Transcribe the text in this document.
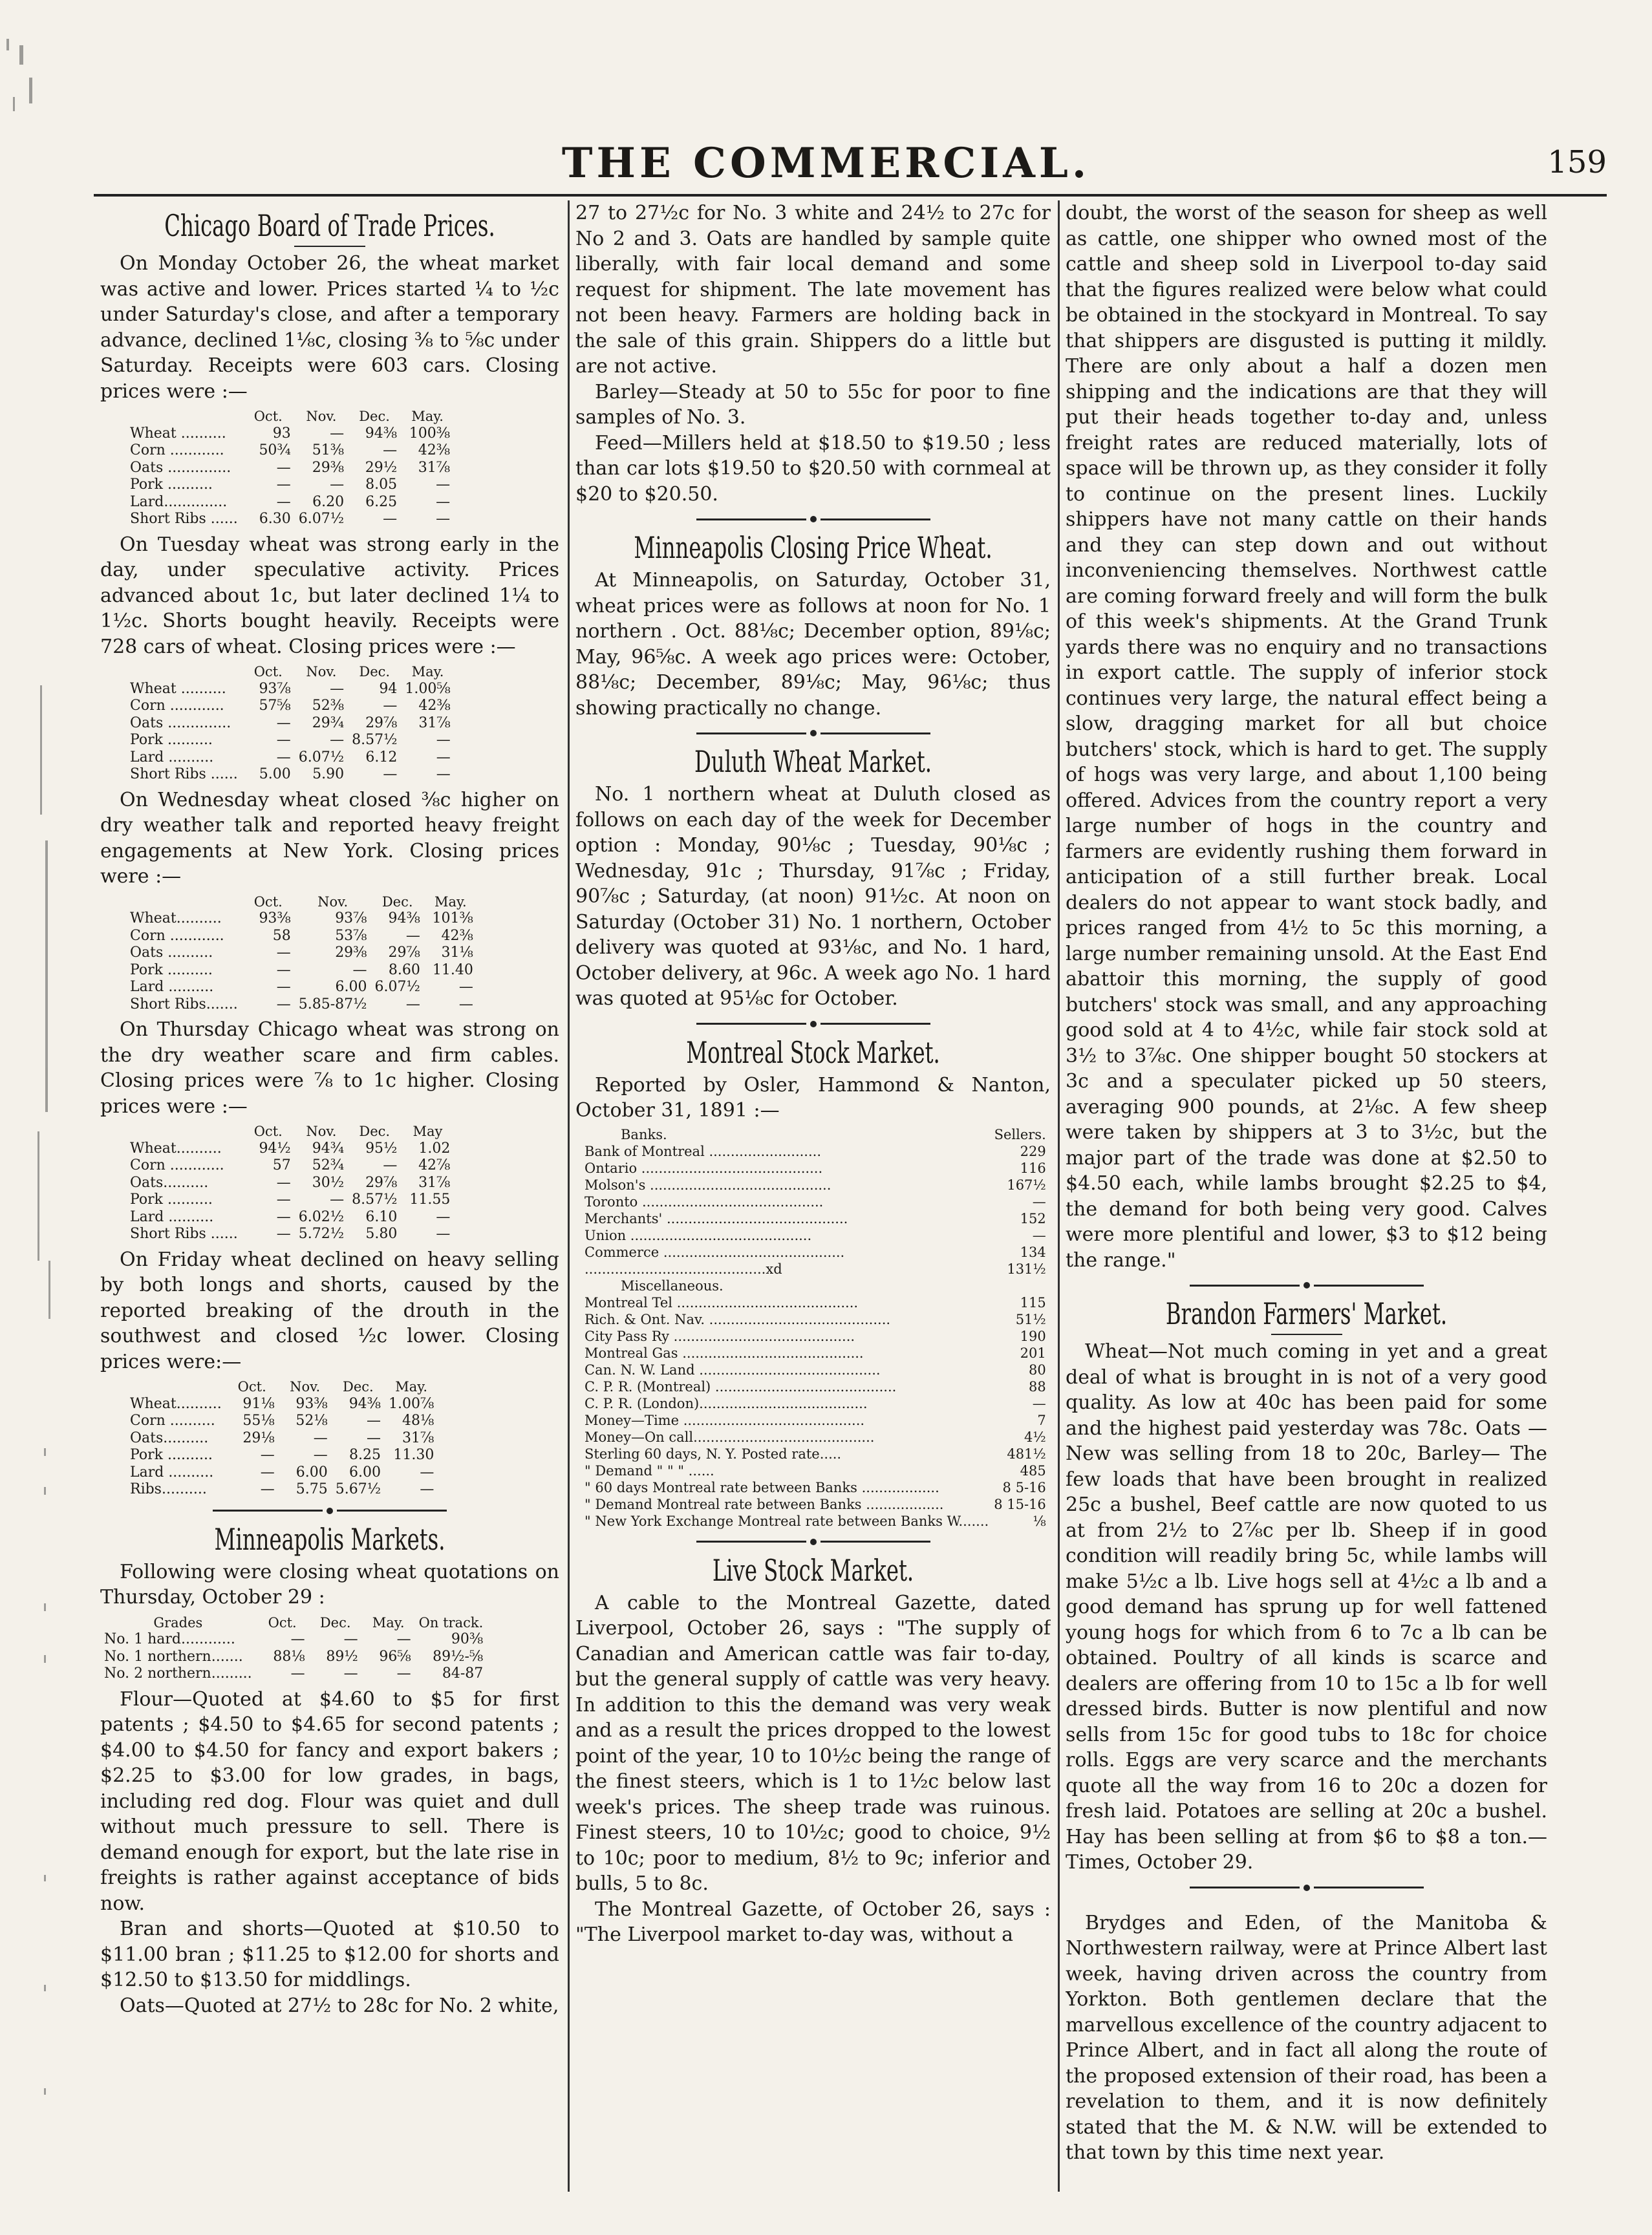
THE COMMERCIAL.	159
Chicago Board of Trade Prices.

On Monday October 26, the wheat market was active and lower. Prices started ¼ to ½c under Saturday's close, and after a temporary advance, declined 1⅛c, closing ⅜ to ⅝c under Saturday. Receipts were 603 cars. Closing prices were :—

	Oct.	Nov.	Dec.	May.
Wheat ..........	93	—	94⅜	100⅜
Corn ............	50¾	51⅜	—	42⅜
Oats ..............	—	29⅜	29½	31⅞
Pork ..........	—	—	8.05	—
Lard..............	—	6.20	6.25	—
Short Ribs ......	6.30	6.07½	—	—

On Tuesday wheat was strong early in the day, under speculative activity. Prices advanced about 1c, but later declined 1¼ to 1½c. Shorts bought heavily. Receipts were 728 cars of wheat. Closing prices were :—

	Oct.	Nov.	Dec.	May.
Wheat ..........	93⅞	—	94	1.00⅝
Corn ............	57⅝	52⅜	—	42⅜
Oats ..............	—	29¾	29⅞	31⅞
Pork ..........	—	—	8.57½	—
Lard ..........	—	6.07½	6.12	—
Short Ribs ......	5.00	5.90	—	—

On Wednesday wheat closed ⅜c higher on dry weather talk and reported heavy freight engagements at New York. Closing prices were :—

	Oct.	Nov.	Dec.	May.
Wheat..........	93⅜	93⅞	94⅜	101⅜
Corn ............	58	53⅞	—	42⅜
Oats ..........	—	29⅜	29⅞	31⅛
Pork ..........	—	—	8.60	11.40
Lard ..........	—	6.00	6.07½	—
Short Ribs.......	—	5.85-87½	—	—

On Thursday Chicago wheat was strong on the dry weather scare and firm cables. Closing prices were ⅞ to 1c higher. Closing prices were :—

	Oct.	Nov.	Dec.	May
Wheat..........	94½	94¾	95½	1.02
Corn ............	57	52¾	—	42⅞
Oats..........	—	30½	29⅞	31⅞
Pork ..........	—	—	8.57½	11.55
Lard ..........	—	6.02½	6.10	—
Short Ribs ......	—	5.72½	5.80	—

On Friday wheat declined on heavy selling by both longs and shorts, caused by the reported breaking of the drouth in the southwest and closed ½c lower. Closing prices were:—

	Oct.	Nov.	Dec.	May.
Wheat..........	91⅛	93⅜	94⅜	1.00⅞
Corn ..........	55⅛	52⅛	—	48⅛
Oats..........	29⅛	—	—	31⅞
Pork ..........	—	—	8.25	11.30
Lard ..........	—	6.00	6.00	—
Ribs..........	—	5.75	5.67½	—
Minneapolis Markets.

Following were closing wheat quotations on Thursday, October 29 :

Grades	Oct.	Dec.	May.	On track.
No. 1 hard............	—	—	—	90⅜
No. 1 northern.......	88⅛	89½	96⅝	89½-⅝
No. 2 northern.........	—	—	—	84-87

Flour—Quoted at $4.60 to $5 for first patents ; $4.50 to $4.65 for second patents ; $4.00 to $4.50 for fancy and export bakers ; $2.25 to $3.00 for low grades, in bags, including red dog. Flour was quiet and dull without much pressure to sell. There is demand enough for export, but the late rise in freights is rather against acceptance of bids now.

Bran and shorts—Quoted at $10.50 to $11.00 bran ; $11.25 to $12.00 for shorts and $12.50 to $13.50 for middlings.

Oats—Quoted at 27½ to 28c for No. 2 white,

27 to 27½c for No. 3 white and 24½ to 27c for No 2 and 3. Oats are handled by sample quite liberally, with fair local demand and some request for shipment. The late movement has not been heavy. Farmers are holding back in the sale of this grain. Shippers do a little but are not active.

Barley—Steady at 50 to 55c for poor to fine samples of No. 3.

Feed—Millers held at $18.50 to $19.50 ; less than car lots $19.50 to $20.50 with cornmeal at $20 to $20.50.

Minneapolis Closing Price Wheat.

At Minneapolis, on Saturday, October 31, wheat prices were as follows at noon for No. 1 northern . Oct. 88⅛c; December option, 89⅛c; May, 96⅝c. A week ago prices were: October, 88⅛c; December, 89⅛c; May, 96⅛c; thus showing practically no change.

Duluth Wheat Market.

No. 1 northern wheat at Duluth closed as follows on each day of the week for December option : Monday, 90⅛c ; Tuesday, 90⅛c ; Wednesday, 91c ; Thursday, 91⅞c ; Friday, 90⅞c ; Saturday, (at noon) 91½c. At noon on Saturday (October 31) No. 1 northern, October delivery was quoted at 93⅛c, and No. 1 hard, October delivery, at 96c. A week ago No. 1 hard was quoted at 95⅛c for October.

Montreal Stock Market.

Reported by Osler, Hammond & Nanton, October 31, 1891 :—

Banks.	Sellers.	
Bank of Montreal ..........................	229	
Ontario ..........................................	116	
Molson's ..........................................	167½	
Toronto ..........................................	—	
Merchants' ..........................................	152	
Union ..........................................	—	
Commerce ..........................................	134	
..........................................xd	131½	
Miscellaneous.		
Montreal Tel ..........................................	115	
Rich. & Ont. Nav. ..........................................	51½	
City Pass Ry ..........................................	190	
Montreal Gas ..........................................	201	
Can. N. W. Land ..........................................	80	
C. P. R. (Montreal) ..........................................	88	
C. P. R. (London).......................................	—	
Money—Time ..........................................	7	
Money—On call..........................................	4½	
Sterling 60 days, N. Y. Posted rate.....	481½	
" Demand " " " ......	485	
" 60 days Montreal rate between Banks ..................	8 5-16	
" Demand Montreal rate between Banks ..................	8 15-16	
" New York Exchange Montreal rate between Banks W.......	⅛	
Live Stock Market.

A cable to the Montreal Gazette, dated Liverpool, October 26, says : "The supply of Canadian and American cattle was fair to-day, but the general supply of cattle was very heavy. In addition to this the demand was very weak and as a result the prices dropped to the lowest point of the year, 10 to 10½c being the range of the finest steers, which is 1 to 1½c below last week's prices. The sheep trade was ruinous. Finest steers, 10 to 10½c; good to choice, 9½ to 10c; poor to medium, 8½ to 9c; inferior and bulls, 5 to 8c.

The Montreal Gazette, of October 26, says : "The Liverpool market to-day was, without a

doubt, the worst of the season for sheep as well as cattle, one shipper who owned most of the cattle and sheep sold in Liverpool to-day said that the figures realized were below what could be obtained in the stockyard in Montreal. To say that shippers are disgusted is putting it mildly. There are only about a half a dozen men shipping and the indications are that they will put their heads together to-day and, unless freight rates are reduced materially, lots of space will be thrown up, as they consider it folly to continue on the present lines. Luckily shippers have not many cattle on their hands and they can step down and out without inconveniencing themselves. Northwest cattle are coming forward freely and will form the bulk of this week's shipments. At the Grand Trunk yards there was no enquiry and no transactions in export cattle. The supply of inferior stock continues very large, the natural effect being a slow, dragging market for all but choice butchers' stock, which is hard to get. The supply of hogs was very large, and about 1,100 being offered. Advices from the country report a very large number of hogs in the country and farmers are evidently rushing them forward in anticipation of a still further break. Local dealers do not appear to want stock badly, and prices ranged from 4½ to 5c this morning, a large number remaining unsold. At the East End abattoir this morning, the supply of good butchers' stock was small, and any approaching good sold at 4 to 4½c, while fair stock sold at 3½ to 3⅞c. One shipper bought 50 stockers at 3c and a speculater picked up 50 steers, averaging 900 pounds, at 2⅛c. A few sheep were taken by shippers at 3 to 3½c, but the major part of the trade was done at $2.50 to $4.50 each, while lambs brought $2.25 to $4, the demand for both being very good. Calves were more plentiful and lower, $3 to $12 being the range."

Brandon Farmers' Market.

Wheat—Not much coming in yet and a great deal of what is brought in is not of a very good quality. As low at 40c has been paid for some and the highest paid yesterday was 78c. Oats —New was selling from 18 to 20c, Barley— The few loads that have been brought in realized 25c a bushel, Beef cattle are now quoted to us at from 2½ to 2⅞c per lb. Sheep if in good condition will readily bring 5c, while lambs will make 5½c a lb. Live hogs sell at 4½c a lb and a good demand has sprung up for well fattened young hogs for which from 6 to 7c a lb can be obtained. Poultry of all kinds is scarce and dealers are offering from 10 to 15c a lb for well dressed birds. Butter is now plentiful and now sells from 15c for good tubs to 18c for choice rolls. Eggs are very scarce and the merchants quote all the way from 16 to 20c a dozen for fresh laid. Potatoes are selling at 20c a bushel. Hay has been selling at from $6 to $8 a ton.—Times, October 29.

Brydges and Eden, of the Manitoba & Northwestern railway, were at Prince Albert last week, having driven across the country from Yorkton. Both gentlemen declare that the marvellous excellence of the country adjacent to Prince Albert, and in fact all along the route of the proposed extension of their road, has been a revelation to them, and it is now definitely stated that the M. & N.W. will be extended to that town by this time next year.
